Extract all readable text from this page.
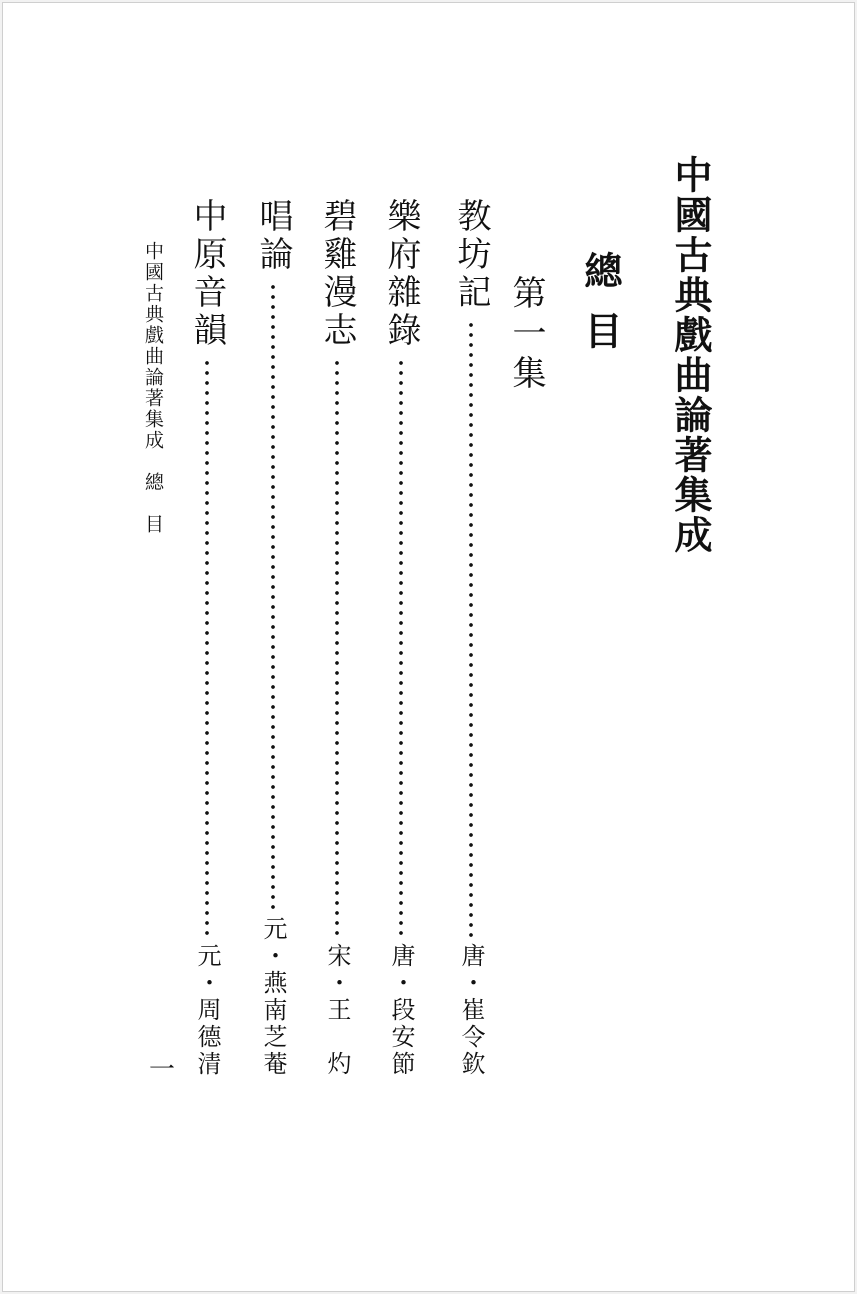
中國古典戲曲論著集成
總目
第一集
教坊記
唐・崔令欽
樂府雜錄
唐・段安節
碧雞漫志
宋・王　灼
唱論
元・燕南芝菴
中原音韻
元・周德清
中國古典戲曲論著集成　總　目
一
